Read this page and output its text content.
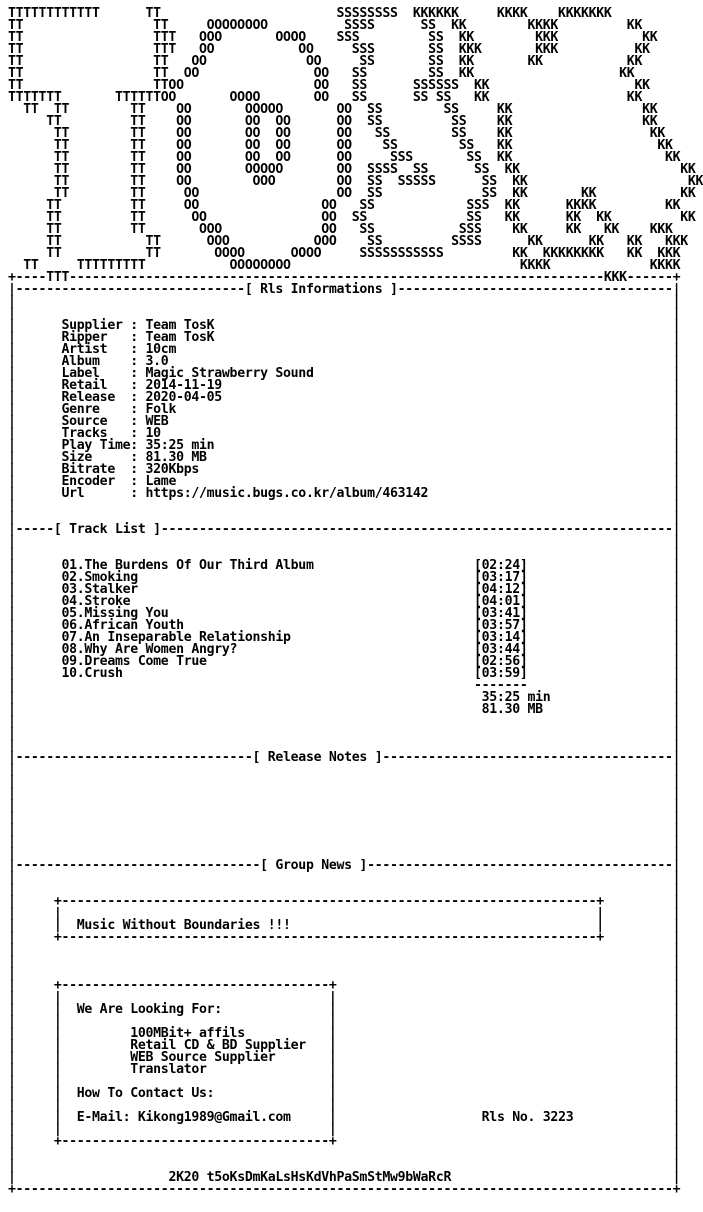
TTTTTTTTTTTT      TT                       SSSSSSSS  KKKKKK     KKKK    KKKKKKK
TT                 TT     OOOOOOOO          SSSS      SS  KK        KKKK         KK
TT                 TTT   OOO       OOOO    SSS         SS  KK        KKK           KK
TT                 TTT   OO           OO     SSS       SS  KKK       KKK          KK
TT                 TT   OO             OO     SS       SS  KK       KK           KK
TT                 TT  OO               OO   SS        SS  KK                   KK
TT                 TTOO                 OO   SS      SSSSSS  KK                   KK
TTTTTTT       TTTTTTOO       OOOO       OO   SS      SS SS   KK                  KK
TT  TT        TT    OO       OOOOO       OO  SS        SS     KK                 KK
TT         TT    OO       OO  OO      OO  SS         SS    KK                 KK
TT        TT    OO       OO  OO      OO   SS        SS    KK                  KK
TT        TT    OO       OO  OO      OO    SS        SS   KK                   KK
TT        TT    OO       OO  OO      OO     SSS       SS  KK                    KK
TT        TT    OO       OOOOO       OO  SSSS  SS      SS  KK                     KK
TT        TT    OO        OOO        OO  SS  SSSSS      SS  KK                     KK
TT        TT     OO                  OO  SS             SS  KK       KK           KK
TT         TT     OO                OO   SS            SSS  KK      KKKK         KK
TT         TT      OO               OO  SS             SS   KK      KK  KK         KK
TT         TT       OOO             OO   SS           SSS    KK     KK   KK    KKK
TT           TT      OOO           OOO    SS         SSSS      KK      KK   KK   KKK
TT           TT       OOOO      OOOO     SSSSSSSSSSS         KK  KKKKKKKK   KK  KKK
TT     TTTTTTTTT           OOOOOOOO                              KKKK             KKKK
+----TTT----------------------------------------------------------------------KKK------+
|------------------------------[ Rls Informations ]------------------------------------|
|                                                                                      |
|                                                                                      |
|      Supplier : Team TosK	|
|      Ripper   : Team TosK	|
|      Artist   : 10cm	|
|      Album    : 3.0	|
|      Label    : Magic Strawberry Sound	|
|      Retail   : 2014-11-19	|
|      Release  : 2020-04-05	|
|      Genre    : Folk	|
|      Source   : WEB	|
|      Tracks   : 10	|
|      Play Time: 35:25 min	|
|      Size     : 81.30 MB	|
|      Bitrate  : 320Kbps	|
|      Encoder  : Lame	|
|      Url      : https://music.bugs.co.kr/album/463142	|
|                                                                                      |
|                                                                                      |
|-----[ Track List ]-------------------------------------------------------------------|
|                                                                                      |
|                                                                                      |
|      01.The Burdens Of Our Third Album	[02:24]	|
|      02.Smoking	[03:17]	|
|      03.Stalker	[04:12]	|
|      04.Stroke	[04:01]	|
|      05.Missing You	[03:41]	|
|      06.African Youth	[03:57]	|
|      07.An Inseparable Relationship	[03:14]	|
|      08.Why Are Women Angry?	[03:44]	|
|      09.Dreams Come True	[02:56]	|
|      10.Crush	[03:59]	|
|                                                            -------	|
|                                                             35:25 min	|
|                                                             81.30 MB	|
|                                                                                      |
|                                                                                      |
|                                                                                      |
|-------------------------------[ Release Notes ]--------------------------------------|
|                                                                                      |
|                                                                                      |
|                                                                                      |
|                                                                                      |
|                                                                                      |
|                                                                                      |
|                                                                                      |
|                                                                                      |
|--------------------------------[ Group News ]----------------------------------------|
|                                                                                      |
|                                                                                      |
|     +----------------------------------------------------------------------+	|
|     |                                                                      |	|
|     |  Music Without Boundaries !!!	|         |
|     +----------------------------------------------------------------------+	|
|                                                                                      |
|                                                                                      |
|                                                                                      |
|     +-----------------------------------+	|
|     |                                   |	|
|     |  We Are Looking For:              |	|
|     |                                   |	|
|     |         100MBit+ affils           |	|
|     |         Retail CD & BD Supplier   |	|
|     |         WEB Source Supplier       |	|
|     |         Translator                |	|
|     |                                   |	|
|     |  How To Contact Us:               |	|
|     |                                   |	|
|     |  E-Mail: Kikong1989@Gmail.com     |	Rls No. 3223	|
|     |                                   |	|
|     +-----------------------------------+	|
|                                                                                      |
|                                                                                      |
|                    2K20 t5oKsDmKaLsHsKdVhPaSmStMw9bWaRcR	|
+--------------------------------------------------------------------------------------+
